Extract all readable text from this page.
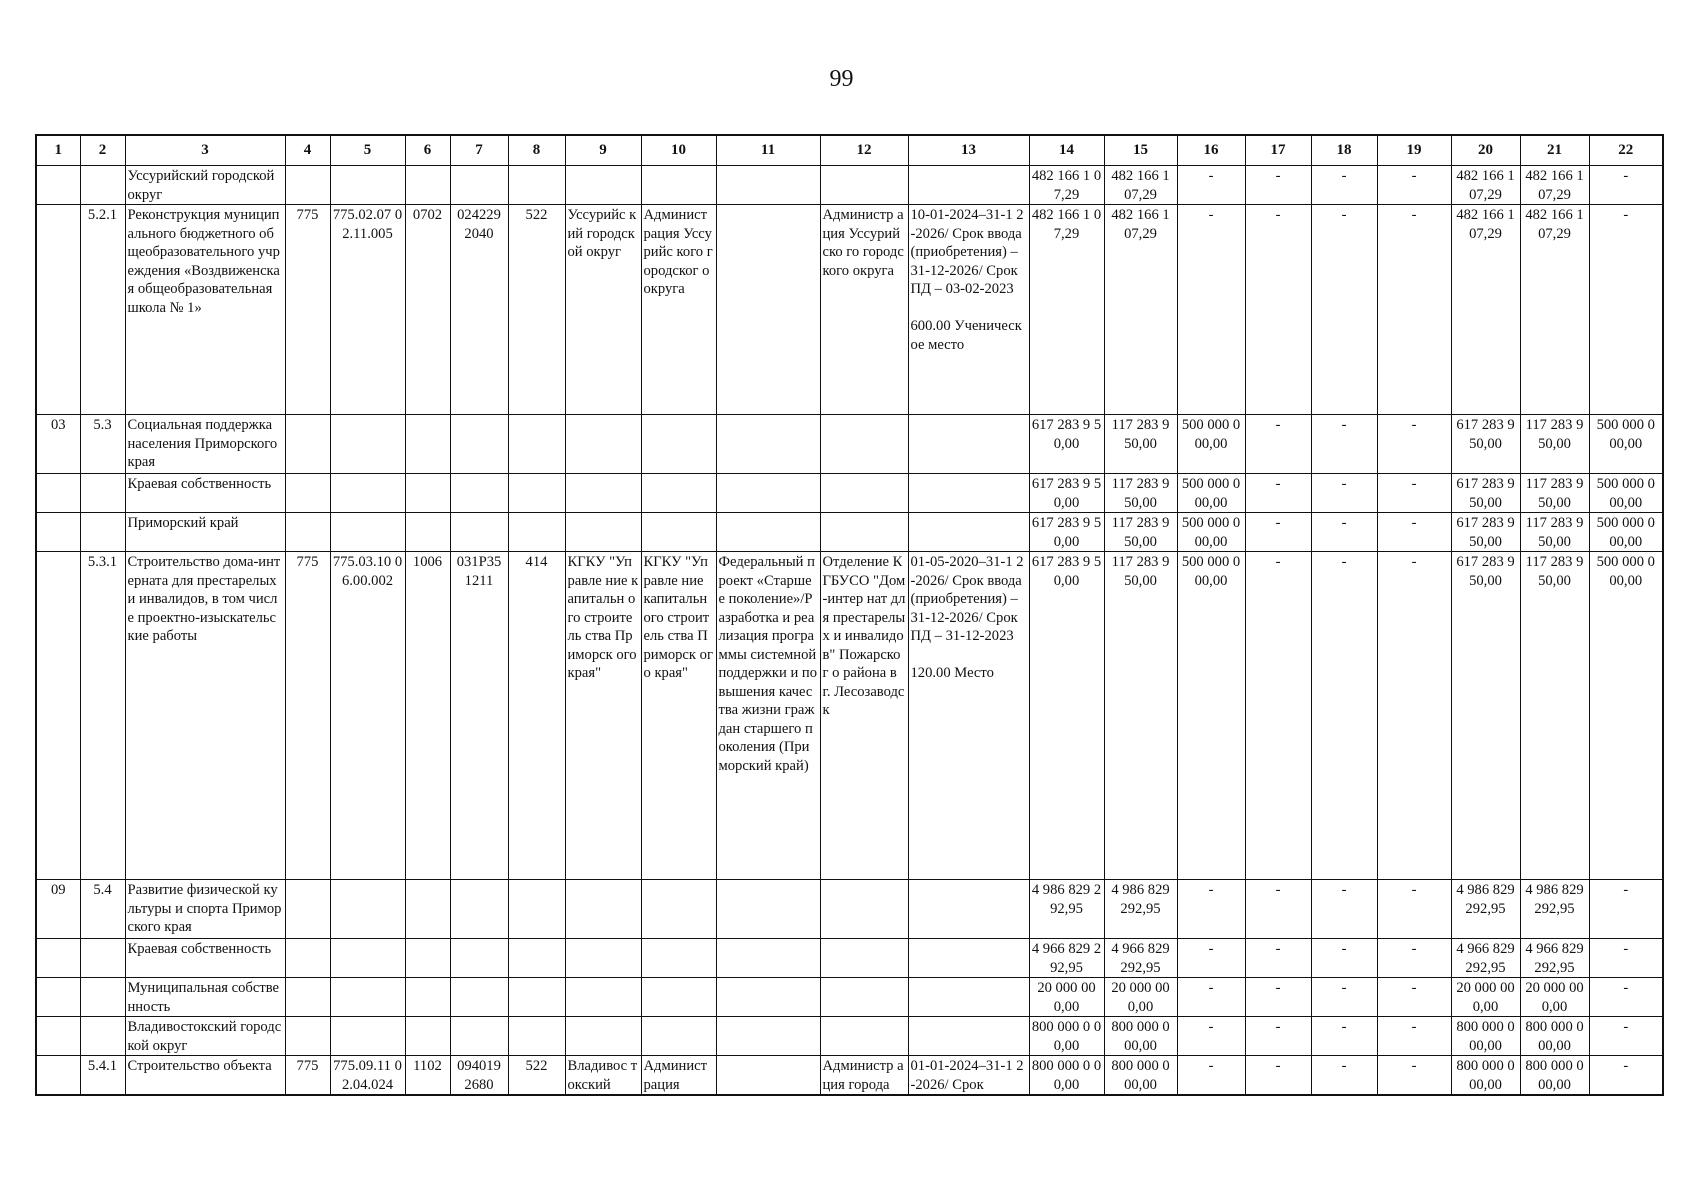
99
1	2	3	4	5	6	7	8	9	10	11	12	13	14	15	16	17	18	19	20	21	22
		Уссурийский городской округ											482 166 1 07,29	482 166 1 07,29	-	-	-	-	482 166 1 07,29	482 166 1 07,29	-
	5.2.1	Реконструкция муниципального бюджетного общеобразовательного учреждения «Воздвиженская общеобразовательная школа № 1»	775	775.02.07 02.11.005	0702	024229 2040	522	Уссурийс кий городской округ	Админист рация Уссурийс кого городског о округа		Администр ация Уссурийско го городского округа	10-01-2024–31-1 2-2026/ Срок ввода (приобретения) – 31-12-2026/ Срок ПД – 03-02-2023

600.00 Ученическое место	482 166 1 07,29	482 166 1 07,29	-	-	-	-	482 166 1 07,29	482 166 1 07,29	-
03	5.3	Социальная поддержка населения Приморского края											617 283 9 50,00	117 283 9 50,00	500 000 0 00,00	-	-	-	617 283 9 50,00	117 283 9 50,00	500 000 0 00,00
		Краевая собственность											617 283 9 50,00	117 283 9 50,00	500 000 0 00,00	-	-	-	617 283 9 50,00	117 283 9 50,00	500 000 0 00,00
		Приморский край											617 283 9 50,00	117 283 9 50,00	500 000 0 00,00	-	-	-	617 283 9 50,00	117 283 9 50,00	500 000 0 00,00
	5.3.1	Строительство дома-интерната для престарелых и инвалидов, в том числе проектно-изыскательс кие работы	775	775.03.10 06.00.002	1006	031P35 1211	414	КГКУ "Управле ние капитальн ого строитель ства Приморск ого края"	КГКУ "Управле ние капитальн ого строитель ства Приморск ого края"	Федеральный проект «Старшее поколение»/Р азработка и реализация программы системной поддержки и повышения качества жизни граждан старшего поколения (Приморский край)	Отделение КГБУСО "Дом-интер нат для престарелы х и инвалидов" Пожарског о района в г. Лесозаводс к	01-05-2020–31-1 2-2026/ Срок ввода (приобретения) – 31-12-2026/ Срок ПД – 31-12-2023

120.00 Место	617 283 9 50,00	117 283 9 50,00	500 000 0 00,00	-	-	-	617 283 9 50,00	117 283 9 50,00	500 000 0 00,00
09	5.4	Развитие физической культуры и спорта Приморского края											4 986 829 292,95	4 986 829 292,95	-	-	-	-	4 986 829 292,95	4 986 829 292,95	-
		Краевая собственность											4 966 829 292,95	4 966 829 292,95	-	-	-	-	4 966 829 292,95	4 966 829 292,95	-
		Муниципальная собственность											20 000 00 0,00	20 000 00 0,00	-	-	-	-	20 000 00 0,00	20 000 00 0,00	-
		Владивостокский городской округ											800 000 0 00,00	800 000 0 00,00	-	-	-	-	800 000 0 00,00	800 000 0 00,00	-
	5.4.1	Строительство объекта	775	775.09.11 02.04.024	1102	094019 2680	522	Владивос токский	Админист рация		Администр ация города	01-01-2024–31-1 2-2026/ Срок	800 000 0 00,00	800 000 0 00,00	-	-	-	-	800 000 0 00,00	800 000 0 00,00	-
